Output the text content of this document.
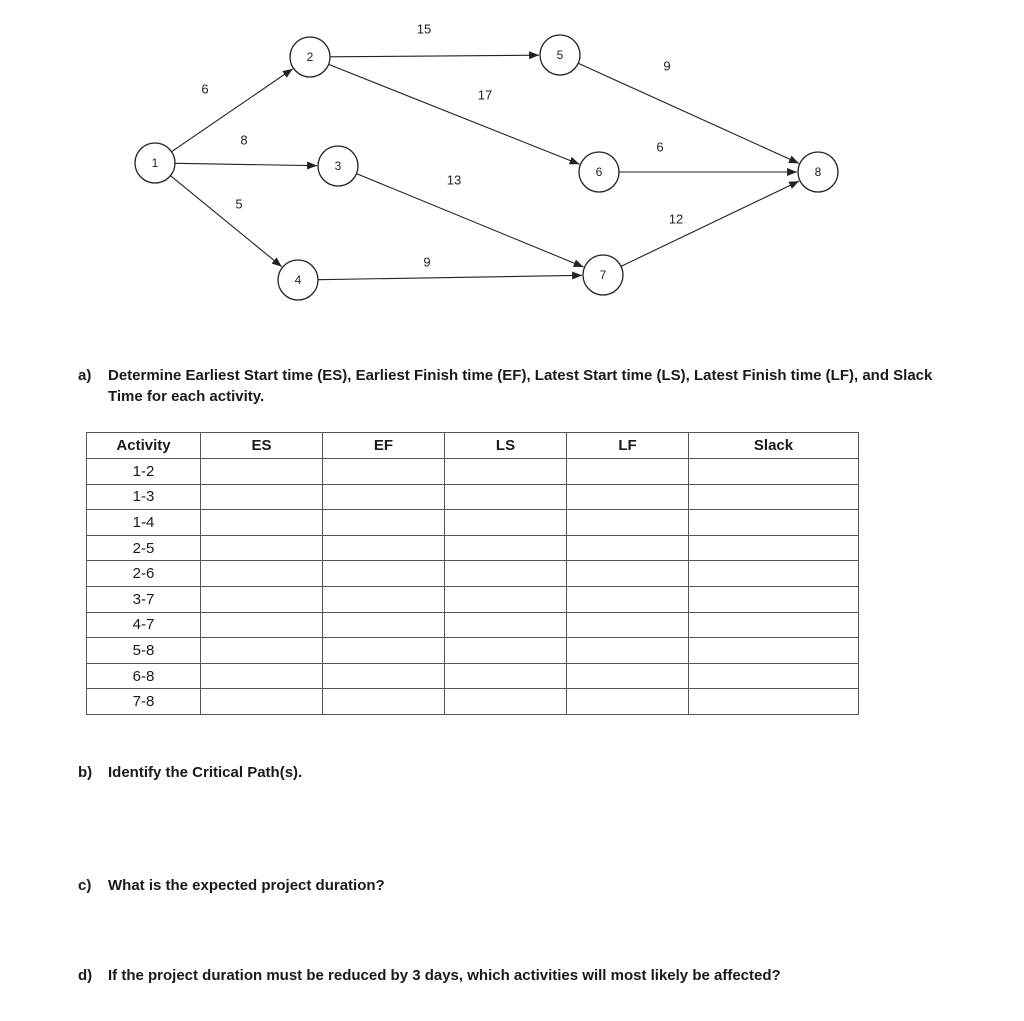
6
8
5
15
17
13
9
9
6
12
1
2
3
4
5
6
7
8
a) Determine Earliest Start time (ES), Earliest Finish time (EF), Latest Start time (LS), Latest Finish time (LF), and Slack Time for each activity.
Activity	ES	EF	LS	LF	Slack
1-2					
1-3					
1-4					
2-5					
2-6					
3-7					
4-7					
5-8					
6-8					
7-8					
b) Identify the Critical Path(s).
c) What is the expected project duration?
d) If the project duration must be reduced by 3 days, which activities will most likely be affected?
